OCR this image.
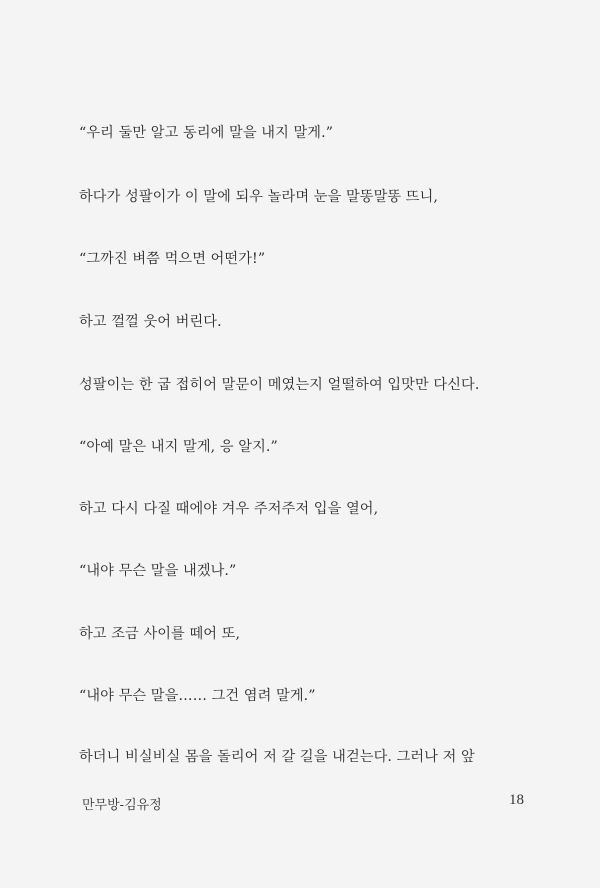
“우리 둘만 알고 동리에 말을 내지 말게.”

하다가 성팔이가 이 말에 되우 놀라며 눈을 말똥말똥 뜨니,

“그까진 벼쯤 먹으면 어떤가!”

하고 껄껄 웃어 버린다.

성팔이는 한 굽 접히어 말문이 메였는지 얼떨하여 입맛만 다신다.

“아예 말은 내지 말게, 응 알지.”

하고 다시 다질 때에야 겨우 주저주저 입을 열어,

“내야 무슨 말을 내겠나.”

하고 조금 사이를 떼어 또,

“내야 무슨 말을…… 그건 염려 말게.”

하더니 비실비실 몸을 돌리어 저 갈 길을 내걷는다. 그러나 저 앞

만무방-김유정	18
